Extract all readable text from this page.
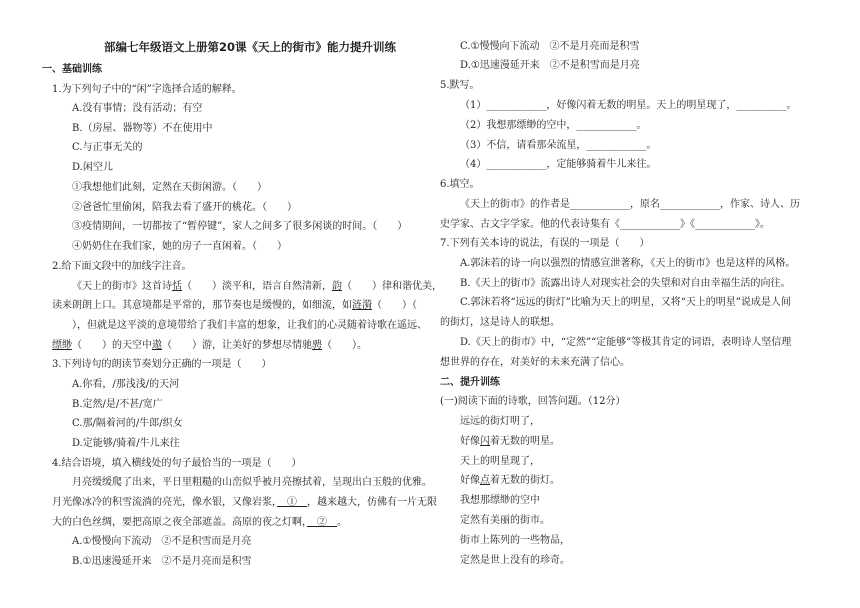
部编七年级语文上册第20课《天上的街市》能力提升训练
一、基础训练
1.为下列句子中的“闲”字选择合适的解释。
A.没有事情；没有活动；有空
B.（房屋、器物等）不在使用中
C.与正事无关的
D.闲空儿
①我想他们此刻，定然在天街闲游。（　　）
②爸爸忙里偷闲，陪我去看了盛开的桃花。（　　）
③疫情期间，一切都按了“暂停键”，家人之间多了很多闲谈的时间。（　　）
④奶奶住在我们家，她的房子一直闲着。（　　）
2.给下面文段中的加线字注音。
《天上的街市》这首诗恬（　　）淡平和，语言自然清新，韵（　　）律和谐优美，
读来朗朗上口。其意境都是平常的，那节奏也是缓慢的，如细流，如涟漪（　　）（
　　），但就是这平淡的意境带给了我们丰富的想象，让我们的心灵随着诗歌在遥远、
缥缈（　　）的天空中遨（　　）游，让美好的梦想尽情驰骋（　　）。
3.下列诗句的朗读节奏划分正确的一项是（　　）
A.你看，/那浅浅/的天河
B.定然/是/不甚/宽广
C.那/隔着河的/牛郎/织女
D.定能够/骑着/牛儿来往
4.结合语境，填入横线处的句子最恰当的一项是（　　）
月亮缓缓爬了出来，平日里粗糙的山峦似乎被月亮擦拭着，呈现出白玉般的优雅。
月光像冰冷的积雪流淌的亮光，像水银，又像岩浆，　①　，越来越大，仿佛有一片无限
大的白色丝绸，要把高原之夜全部遮盖。高原的夜之灯啊，　②　。
A.①慢慢向下流动　②不是积雪而是月亮
B.①迅速漫延开来　②不是月亮而是积雪
C.①慢慢向下流动　②不是月亮而是积雪
D.①迅速漫延开来　②不是积雪而是月亮
5.默写。
（1）____________，好像闪着无数的明星。天上的明星现了，__________。
（2）我想那缥缈的空中，____________。
（3）不信，请看那朵流星，____________。
（4）____________，定能够骑着牛儿来往。
6.填空。
《天上的街市》的作者是____________，原名____________，作家、诗人、历
史学家、古文字学家。他的代表诗集有《____________》《____________》。
7.下列有关本诗的说法，有误的一项是（　　）
A.郭沫若的诗一向以强烈的情感宣泄著称，《天上的街市》也是这样的风格。
B.《天上的街市》流露出诗人对现实社会的失望和对自由幸福生活的向往。
C.郭沫若将“远远的街灯”比喻为天上的明星，又将“天上的明星”说成是人间
的街灯，这是诗人的联想。
D.《天上的街市》中，“定然”“定能够”等极其肯定的词语，表明诗人坚信理
想世界的存在，对美好的未来充满了信心。
二、提升训练
(一)阅读下面的诗歌，回答问题。（12分）
远远的街灯明了，
好像闪着无数的明星。
天上的明星现了，
好像点着无数的街灯。
我想那缥缈的空中
定然有美丽的街市。
街市上陈列的一些物品，
定然是世上没有的珍奇。
